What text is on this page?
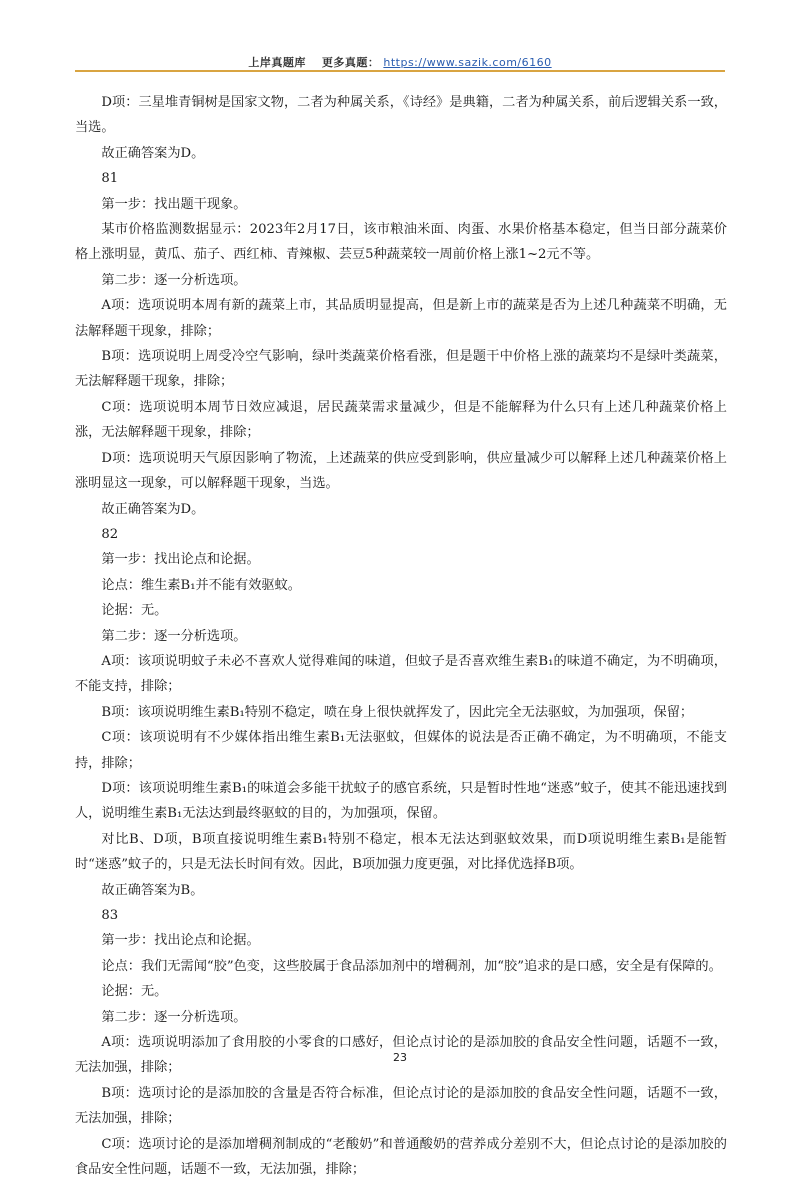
上岸真题库 更多真题： https://www.sazik.com/6160

D项：三星堆青铜树是国家文物，二者为种属关系，《诗经》是典籍，二者为种属关系，前后逻辑关系一致，当选。

故正确答案为D。

81

第一步：找出题干现象。

某市价格监测数据显示：2023年2月17日，该市粮油米面、肉蛋、水果价格基本稳定，但当日部分蔬菜价格上涨明显，黄瓜、茄子、西红柿、青辣椒、芸豆5种蔬菜较一周前价格上涨1~2元不等。

第二步：逐一分析选项。

A项：选项说明本周有新的蔬菜上市，其品质明显提高，但是新上市的蔬菜是否为上述几种蔬菜不明确，无法解释题干现象，排除；

B项：选项说明上周受冷空气影响，绿叶类蔬菜价格看涨，但是题干中价格上涨的蔬菜均不是绿叶类蔬菜，无法解释题干现象，排除；

C项：选项说明本周节日效应减退，居民蔬菜需求量减少，但是不能解释为什么只有上述几种蔬菜价格上涨，无法解释题干现象，排除；

D项：选项说明天气原因影响了物流，上述蔬菜的供应受到影响，供应量减少可以解释上述几种蔬菜价格上涨明显这一现象，可以解释题干现象，当选。

故正确答案为D。

82

第一步：找出论点和论据。

论点：维生素B₁并不能有效驱蚊。

论据：无。

第二步：逐一分析选项。

A项：该项说明蚊子未必不喜欢人觉得难闻的味道，但蚊子是否喜欢维生素B₁的味道不确定，为不明确项，不能支持，排除；

B项：该项说明维生素B₁特别不稳定，喷在身上很快就挥发了，因此完全无法驱蚊，为加强项，保留；

C项：该项说明有不少媒体指出维生素B₁无法驱蚊，但媒体的说法是否正确不确定，为不明确项，不能支持，排除；

D项：该项说明维生素B₁的味道会多能干扰蚊子的感官系统，只是暂时性地“迷惑”蚊子，使其不能迅速找到人，说明维生素B₁无法达到最终驱蚊的目的，为加强项，保留。

对比B、D项，B项直接说明维生素B₁特别不稳定，根本无法达到驱蚊效果，而D项说明维生素B₁是能暂时“迷惑”蚊子的，只是无法长时间有效。因此，B项加强力度更强，对比择优选择B项。

故正确答案为B。

83

第一步：找出论点和论据。

论点：我们无需闻“胶”色变，这些胶属于食品添加剂中的增稠剂，加“胶”追求的是口感，安全是有保障的。

论据：无。

第二步：逐一分析选项。

A项：选项说明添加了食用胶的小零食的口感好，但论点讨论的是添加胶的食品安全性问题，话题不一致，无法加强，排除；

B项：选项讨论的是添加胶的含量是否符合标准，但论点讨论的是添加胶的食品安全性问题，话题不一致，无法加强，排除；

C项：选项讨论的是添加增稠剂制成的“老酸奶”和普通酸奶的营养成分差别不大，但论点讨论的是添加胶的食品安全性问题，话题不一致，无法加强，排除；

23
